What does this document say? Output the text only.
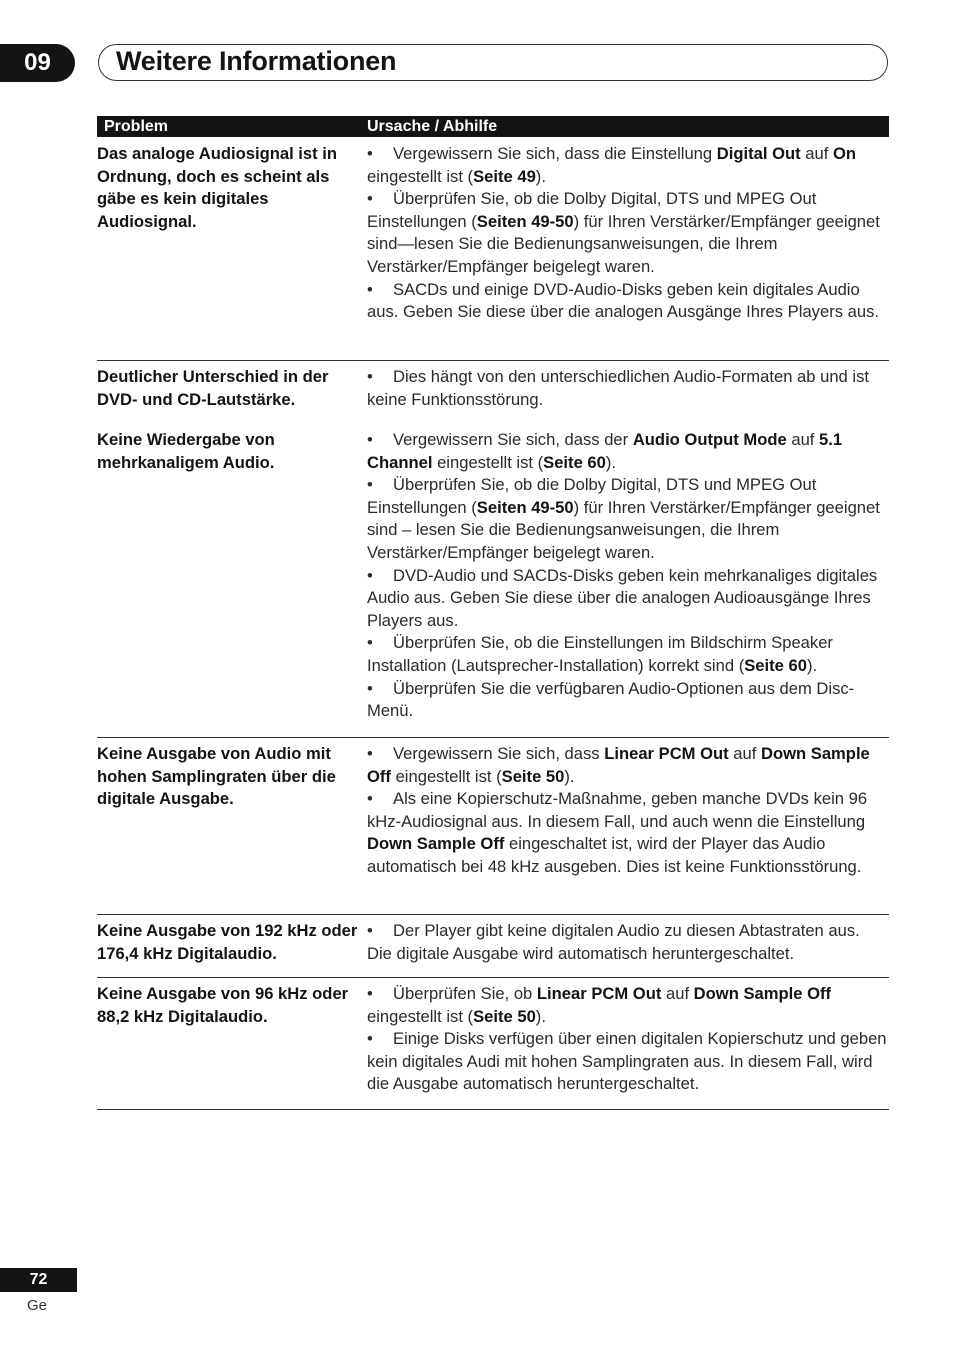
09	Weitere Informationen
Problem	Ursache / Abhilfe
Das analoge Audiosignal ist in Ordnung, doch es scheint als gäbe es kein digitales Audiosignal.

• Vergewissern Sie sich, dass die Einstellung Digital Out auf On eingestellt ist (Seite 49).

• Überprüfen Sie, ob die Dolby Digital, DTS und MPEG Out Einstellungen (Seiten 49-50) für Ihren Verstärker/Empfänger geeignet sind—lesen Sie die Bedienungsanweisungen, die Ihrem Verstärker/Empfänger beigelegt waren.

• SACDs und einige DVD-Audio-Disks geben kein digitales Audio aus. Geben Sie diese über die analogen Ausgänge Ihres Players aus.

Deutlicher Unterschied in der DVD- und CD-Lautstärke.

• Dies hängt von den unterschiedlichen Audio-Formaten ab und ist keine Funktionsstörung.

Keine Wiedergabe von mehrkanaligem Audio.

• Vergewissern Sie sich, dass der Audio Output Mode auf 5.1 Channel eingestellt ist (Seite 60).

• Überprüfen Sie, ob die Dolby Digital, DTS und MPEG Out Einstellungen (Seiten 49-50) für Ihren Verstärker/Empfänger geeignet sind – lesen Sie die Bedienungsanweisungen, die Ihrem Verstärker/Empfänger beigelegt waren.

• DVD-Audio und SACDs-Disks geben kein mehrkanaliges digitales Audio aus. Geben Sie diese über die analogen Audioausgänge Ihres Players aus.

• Überprüfen Sie, ob die Einstellungen im Bildschirm Speaker Installation (Lautsprecher-Installation) korrekt sind (Seite 60).

• Überprüfen Sie die verfügbaren Audio-Optionen aus dem Disc-Menü.

Keine Ausgabe von Audio mit hohen Samplingraten über die digitale Ausgabe.

• Vergewissern Sie sich, dass Linear PCM Out auf Down Sample Off eingestellt ist (Seite 50).

• Als eine Kopierschutz-Maßnahme, geben manche DVDs kein 96 kHz-Audiosignal aus. In diesem Fall, und auch wenn die Einstellung Down Sample Off eingeschaltet ist, wird der Player das Audio automatisch bei 48 kHz ausgeben. Dies ist keine Funktionsstörung.

Keine Ausgabe von 192 kHz oder 176,4 kHz Digitalaudio.

• Der Player gibt keine digitalen Audio zu diesen Abtastraten aus. Die digitale Ausgabe wird automatisch heruntergeschaltet.

Keine Ausgabe von 96 kHz oder 88,2 kHz Digitalaudio.

• Überprüfen Sie, ob Linear PCM Out auf Down Sample Off eingestellt ist (Seite 50).

• Einige Disks verfügen über einen digitalen Kopierschutz und geben kein digitales Audi mit hohen Samplingraten aus. In diesem Fall, wird die Ausgabe automatisch heruntergeschaltet.

72
Ge
